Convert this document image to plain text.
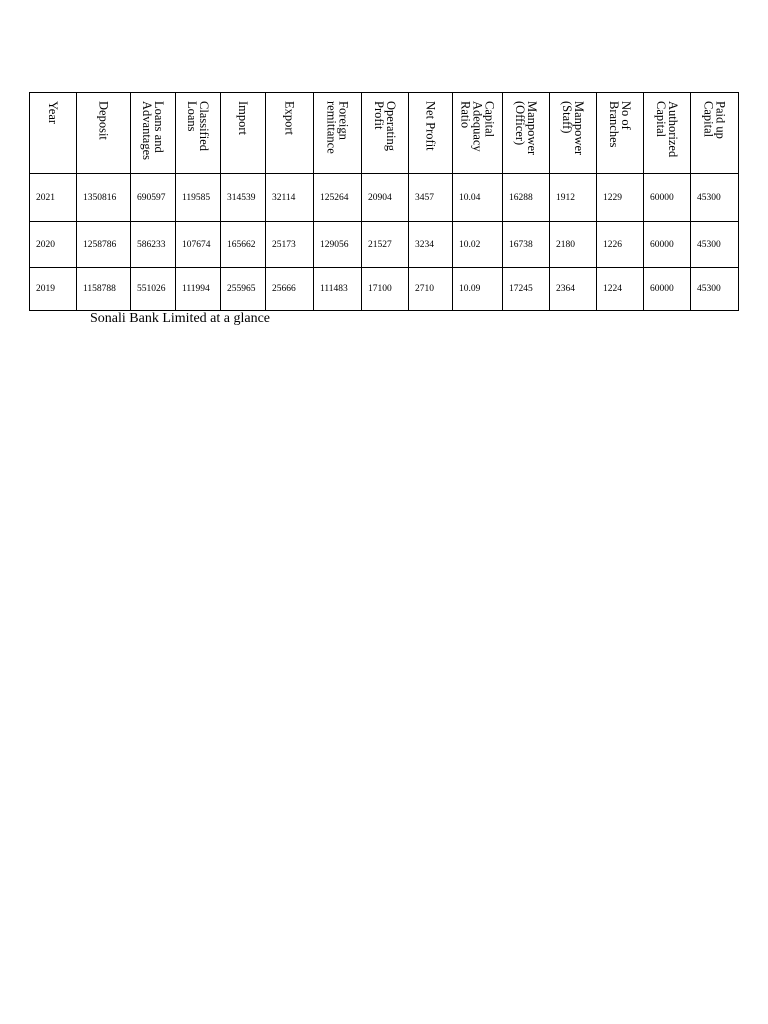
Year	Deposit	Loans and Advantages	Classified Loans	Import	Export	Foreign remittance	Operating Profit	Net Profit	Capital Adequacy Ratio	Manpower (Officer)	Manpower (Staff)	No of Branches	Authorized Capital	Paid up Capital

2021	1350816	690597	119585	314539	32114	125264	20904	3457	10.04	16288	1912	1229	60000	45300
2020	1258786	586233	107674	165662	25173	129056	21527	3234	10.02	16738	2180	1226	60000	45300
2019	1158788	551026	111994	255965	25666	111483	17100	2710	10.09	17245	2364	1224	60000	45300
Sonali Bank Limited at a glance
